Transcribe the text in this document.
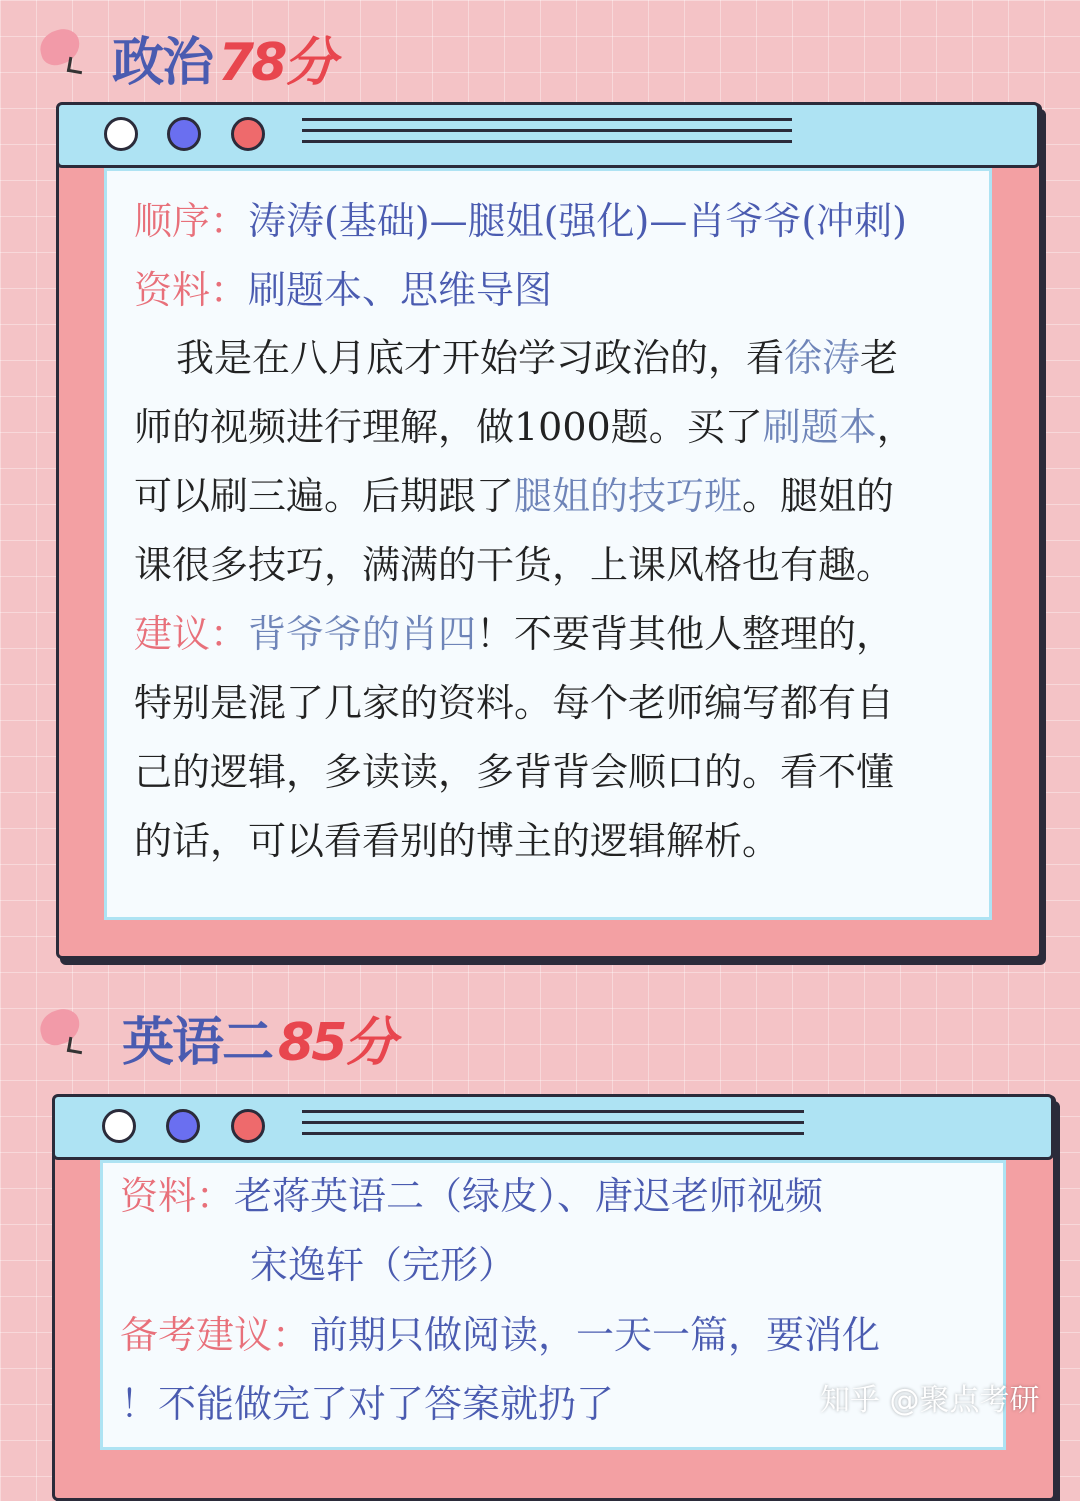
政治 78分
顺序：涛涛(基础)—腿姐(强化)—肖爷爷(冲刺)
资料：刷题本、思维导图
我是在八月底才开始学习政治的，看徐涛老
师的视频进行理解，做1000题。买了刷题本，
可以刷三遍。后期跟了腿姐的技巧班。腿姐的
课很多技巧，满满的干货，上课风格也有趣。
建议：背爷爷的肖四！不要背其他人整理的，
特别是混了几家的资料。每个老师编写都有自
己的逻辑，多读读，多背背会顺口的。看不懂
的话，可以看看别的博主的逻辑解析。
英语二 85分
资料：老蒋英语二（绿皮）、唐迟老师视频
宋逸轩（完形）
备考建议：前期只做阅读，一天一篇，要消化
！不能做完了对了答案就扔了	知乎 @聚点考研
